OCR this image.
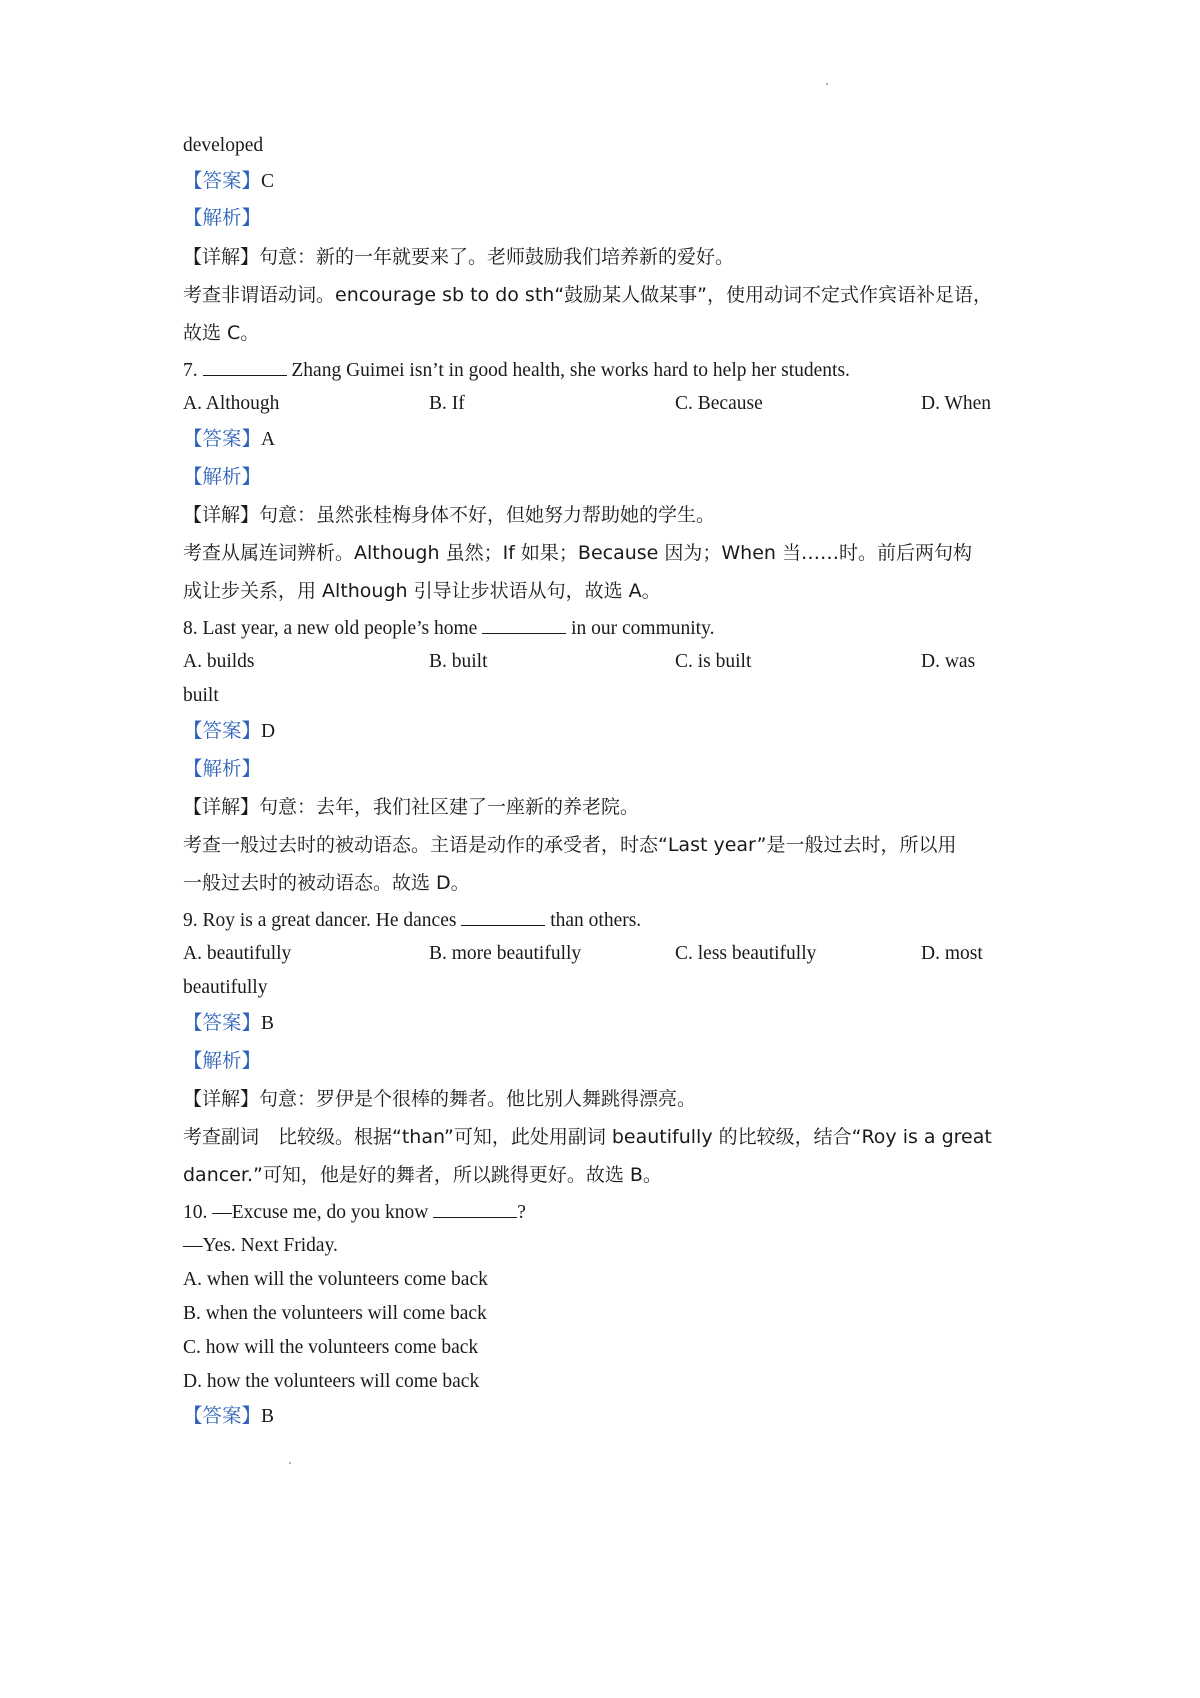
developed
【答案】C
【解析】
【详解】句意：新的一年就要来了。老师鼓励我们培养新的爱好。
考查非谓语动词。encourage sb to do sth“鼓励某人做某事”，使用动词不定式作宾语补足语，
故选 C。
7.	Zhang Guimei isn’t in good health, she works hard to help her students.
A. Although	B. If	C. Because	D. When
【答案】A
【解析】
【详解】句意：虽然张桂梅身体不好，但她努力帮助她的学生。
考查从属连词辨析。Although 虽然；If 如果；Because 因为；When 当……时。前后两句构
成让步关系，用 Although 引导让步状语从句，故选 A。
8. Last year, a new old people’s home	in our community.
A. builds	B. built	C. is built	D. was
built
【答案】D
【解析】
【详解】句意：去年，我们社区建了一座新的养老院。
考查一般过去时的被动语态。主语是动作的承受者，时态“Last year”是一般过去时，所以用
一般过去时的被动语态。故选 D。
9. Roy is a great dancer. He dances	than others.
A. beautifully	B. more beautifully	C. less beautifully	D. most
beautifully
【答案】B
【解析】
【详解】句意：罗伊是个很棒的舞者。他比别人舞跳得漂亮。
考查副词　比较级。根据“than”可知，此处用副词 beautifully 的比较级，结合“Roy is a great
dancer.”可知，他是好的舞者，所以跳得更好。故选 B。
10. —Excuse me, do you know	?
—Yes. Next Friday.
A. when will the volunteers come back
B. when the volunteers will come back
C. how will the volunteers come back
D. how the volunteers will come back
【答案】B
